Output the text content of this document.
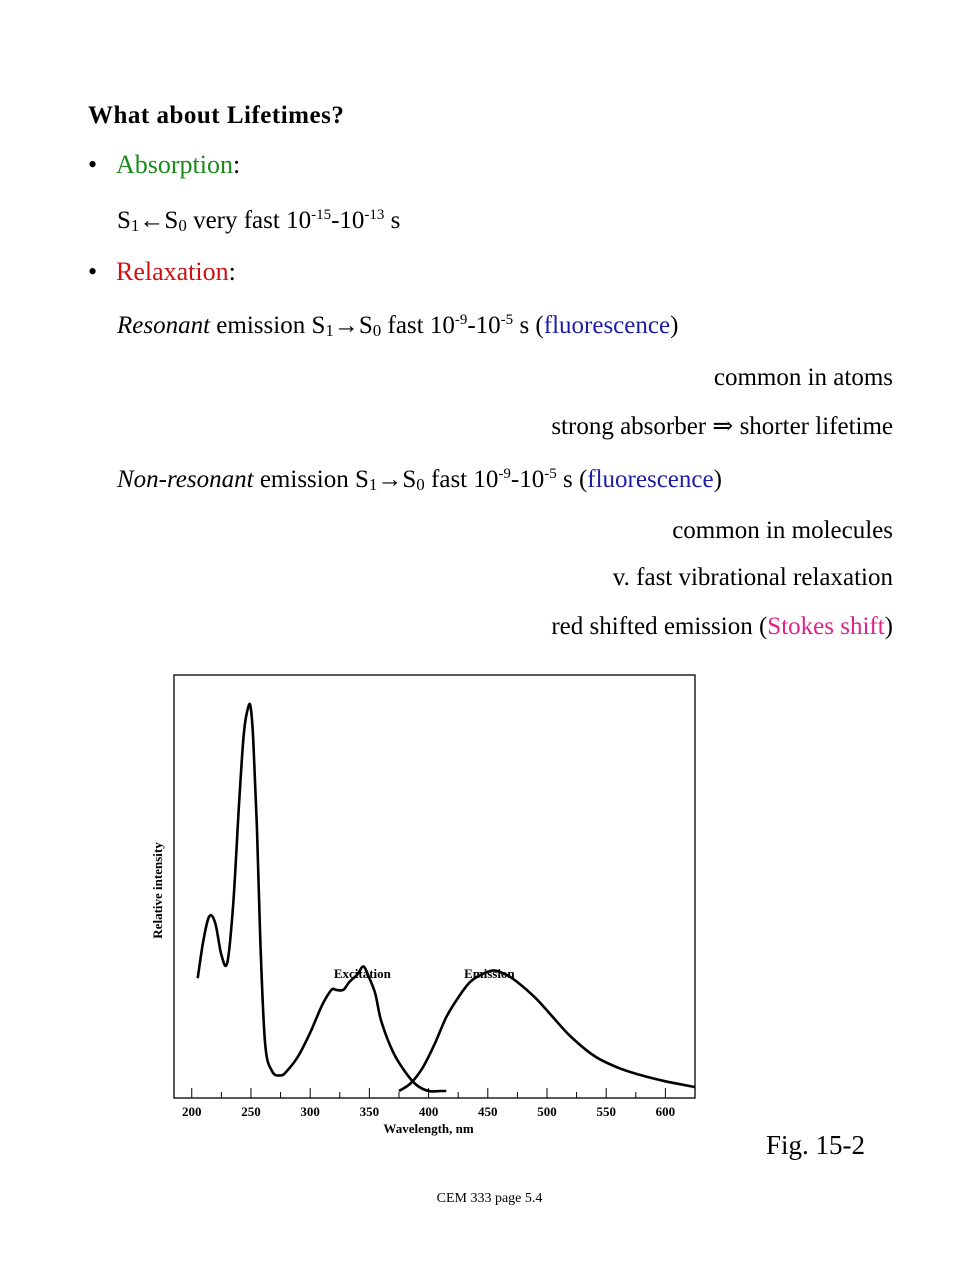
What about Lifetimes?
• Absorption:
S1←S0 very fast $10^{-15}-10^{-13}$ s
• Relaxation:
Resonant emission S1→S0 fast $10^{-9}-10^{-5}$ s (fluorescence)
common in atoms
strong absorber ⇒ shorter lifetime
Non-resonant emission S1→S0 fast $10^{-9}-10^{-5}$ s (fluorescence)
common in molecules
v. fast vibrational relaxation
red shifted emission (Stokes shift)
200	250	300	350	400	450	500	550	600
Wavelength, nm
Relative intensity
Excitation	Emission
Fig. 15-2
CEM 333 page 5.4
